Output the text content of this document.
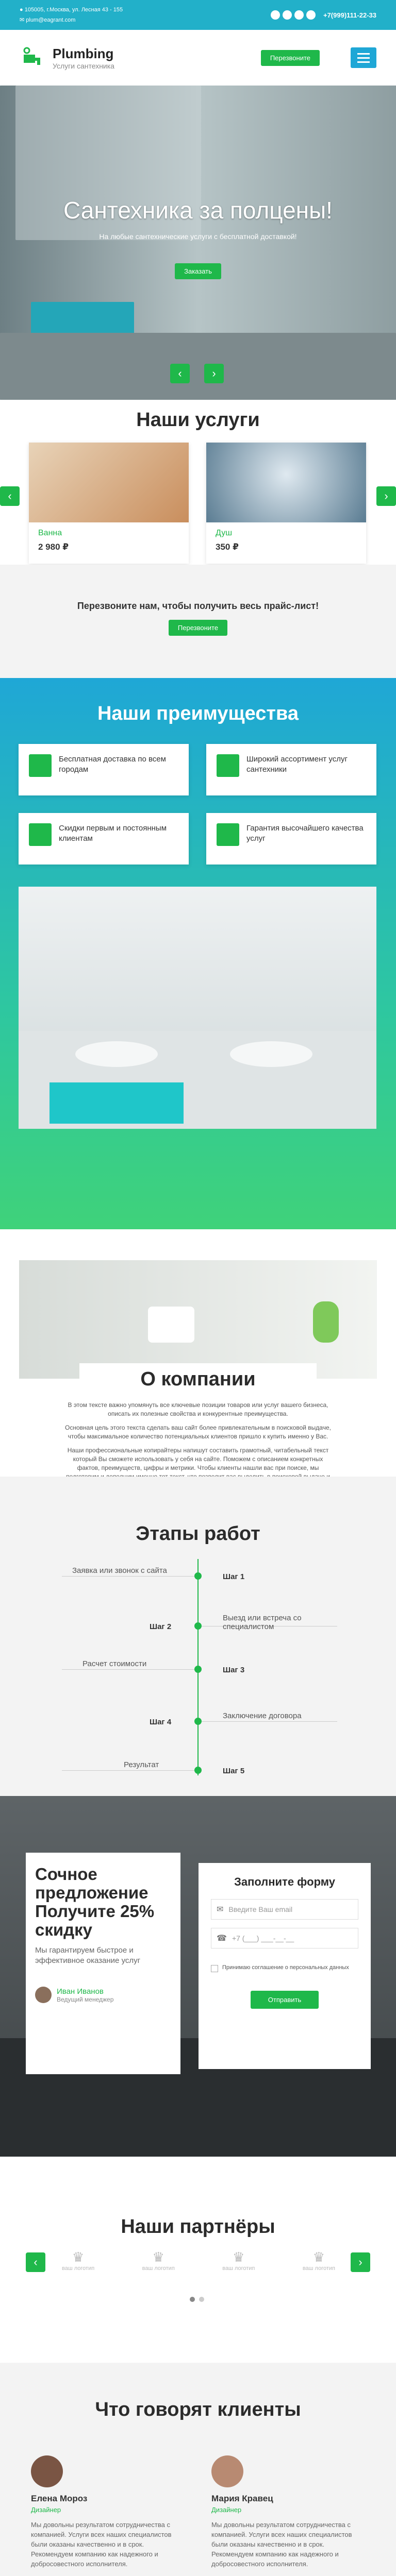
● 105005, г.Москва, ул. Лесная 43 - 155
✉ plum@eagrant.com
+7(999)111-22-33
Plumbing
Услуги сантехника
Перезвоните
Сантехника за полцены!
На любые сантехнические услуги с бесплатной доставкой!
Заказать
‹	›
Наши услуги
‹
Ванна
2 980 ₽
Душ
350 ₽
›
Перезвоните нам, чтобы получить весь прайс-лист!
Перезвоните
Наши преимущества
Бесплатная доставка по всем городам
Широкий ассортимент услуг сантехники
Скидки первым и постоянным клиентам
Гарантия высочайшего качества услуг
О компании

В этом тексте важно упомянуть все ключевые позиции товаров или услуг вашего бизнеса, описать их полезные свойства и конкурентные преимущества.

Основная цель этого текста сделать ваш сайт более привлекательным в поисковой выдаче, чтобы максимальное количество потенциальных клиентов пришло к купить именно у Вас.

Наши профессиональные копирайтеры напишут составить грамотный, читабельный текст который Вы сможете использовать у себя на сайте. Поможем с описанием конкретных фактов, преимуществ, цифры и метрики. Чтобы клиенты нашли вас при поиске, мы

Этапы работ
Заявка или звонок с сайта
Шаг 1
Шаг 2
Выезд или встреча со специалистом
Расчет стоимости
Шаг 3
Шаг 4
Заключение договора
Результат
Шаг 5
Сочное предложение Получите 25% скидку
Мы гарантируем быстрое и эффективное оказание услуг
Иван Иванов
Ведущий менеджер
Заполните форму
✉ Введите Ваш email
☎ +7 (___) ___-__-__
Принимаю соглашение о персональных данных
Отправить
Наши партнёры
‹	♛
ваш логотип
♛
ваш логотип
♛
ваш логотип
♛
ваш логотип	›
Что говорят клиенты
Елена Мороз
Дизайнер
Мы довольны результатом сотрудничества с компанией. Услуги всех наших специалистов были оказаны качественно и в срок. Рекомендуем компанию как надежного и добросовестного исполнителя.
Мария Кравец
Дизайнер
Мы довольны результатом сотрудничества с компанией. Услуги всех наших специалистов были оказаны качественно и в срок. Рекомендуем компанию как надежного и добросовестного исполнителя.
